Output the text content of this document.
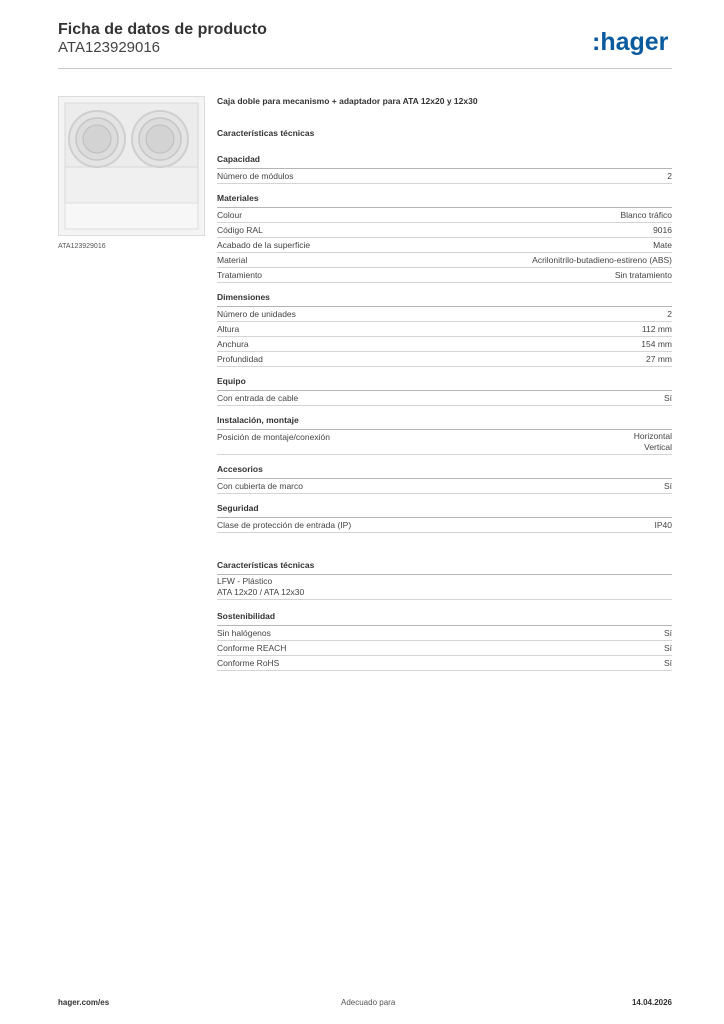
Ficha de datos de producto
ATA123929016	:hager
ATA123929016
Caja doble para mecanismo + adaptador para ATA 12x20 y 12x30
Características técnicas
Capacidad
Número de módulos	2
Materiales
Colour	Blanco tráfico
Código RAL	9016
Acabado de la superficie	Mate
Material	Acrilonitrilo-butadieno-estireno (ABS)
Tratamiento	Sin tratamiento
Dimensiones
Número de unidades	2
Altura	112 mm
Anchura	154 mm
Profundidad	27 mm
Equipo
Con entrada de cable	Sí
Instalación, montaje
Posición de montaje/conexión	Horizontal
Vertical
Accesorios
Con cubierta de marco	Sí
Seguridad
Clase de protección de entrada (IP)	IP40
Características técnicas
LFW - Plástico
ATA 12x20 / ATA 12x30
Sostenibilidad
Sin halógenos	Sí
Conforme REACH	Sí
Conforme RoHS	Sí
hager.com/es	Adecuado para	14.04.2026
